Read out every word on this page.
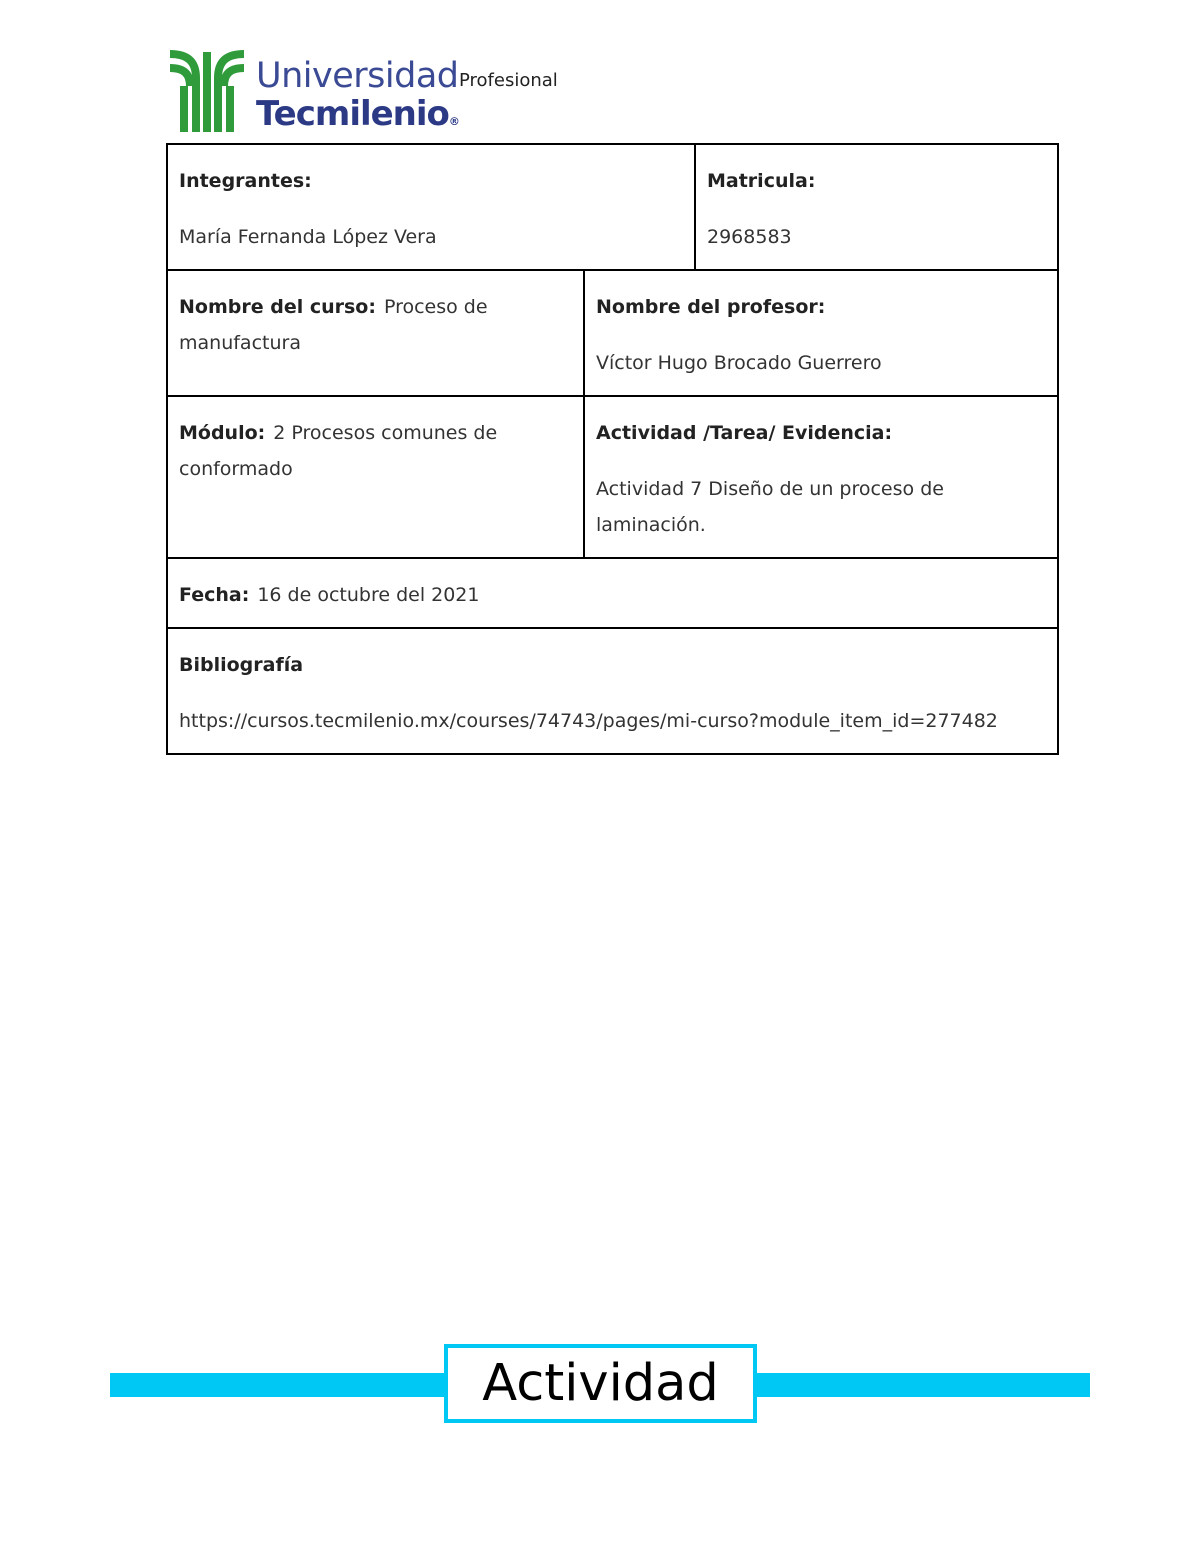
Universidad Profesional
Tecmilenio®
Integrantes:
María Fernanda López Vera		Matricula:
2968583

Nombre del curso: Proceso de manufactura	Nombre del profesor:
Víctor Hugo Brocado Guerrero	

Módulo: 2 Procesos comunes de conformado	Actividad /Tarea/ Evidencia:
Actividad 7 Diseño de un proceso de laminación.	

Fecha: 16 de octubre del 2021		
Bibliografía
https://cursos.tecmilenio.mx/courses/74743/pages/mi-curso?module_item_id=277482		
Actividad
